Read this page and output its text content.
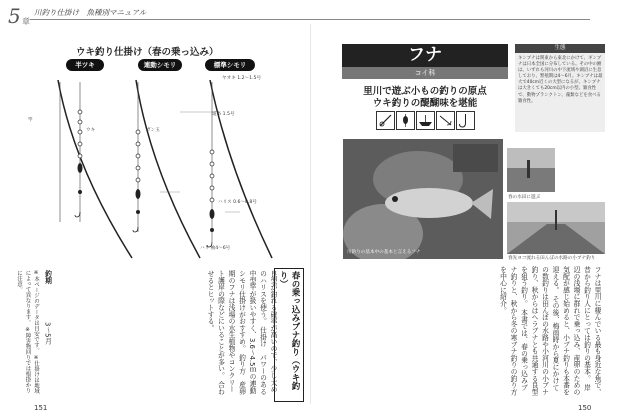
5 章
川釣り仕掛け　魚種別マニュアル
ウキ釣り仕掛け（春の乗っ込み）
半ツキ	連動シモリ	標準シモリ
竿
ウキ	ガン玉
道糸 1.5号
ハリス 0.6〜0.8号
ヤオキ 1.2〜1.5号
ハリ 袖4〜6号
春の乗っ込みブナ釣り（ウキ釣り）
良型が釣れる確率が高いので、少し太めのハリスを使う。 仕掛け　パワーのある中型竿が扱いやすく、3.6〜4.5ｍの連動シモリ仕掛けがおすすめ。 釣り方　産卵期のフナは浅場の水生植物やコンクリート護岸の際などにいることが多い。 合わせるとヒットする。
釣期
3〜5月
※本ページのデータは目安です。 ※仕掛けは地域によって異なります。 ※障害物回りでは根掛かりに注意。
151
フナ
コイ科
里川で遊ぶ小もの釣りの原点
ウキ釣りの醍醐味を堪能
生態
キンブナは関東から東北にかけて、ギンブナは日本全国に分布している。その中の鮒は、いずれも河川の中下流域や湖沼に生息しており、繁殖期は4〜6月。キンブナは最大で40cm近くの大型になるが、キンブナは大きくても20cm以内の小型。雑食性で、動物プランクトン、藻類などを食べる雑食性。
川釣りの基本中の基本と言えるフナ
春の水田に遊ぶ
春先ヨコ流れる田んぼの水路の小ブナ釣り
フナは里川に棲んでいる最も身近な魚で、昔から釣り人にとっては釣りの基本。 岸辺の浅場に群れで乗っ込み、産卵のための気配が感じ始めると、小ブナ釣りも本番を迎える。 その後、梅雨時から夏にかけての数釣りは田んぼの水路や小河川の小ブナ釣り、秋からはヘラブナとも共通する良型を狙う釣り。 本書では、春の乗っ込みブナ釣りと、秋から冬の寒ブナ釣りの釣り方を中心に紹介。
150
